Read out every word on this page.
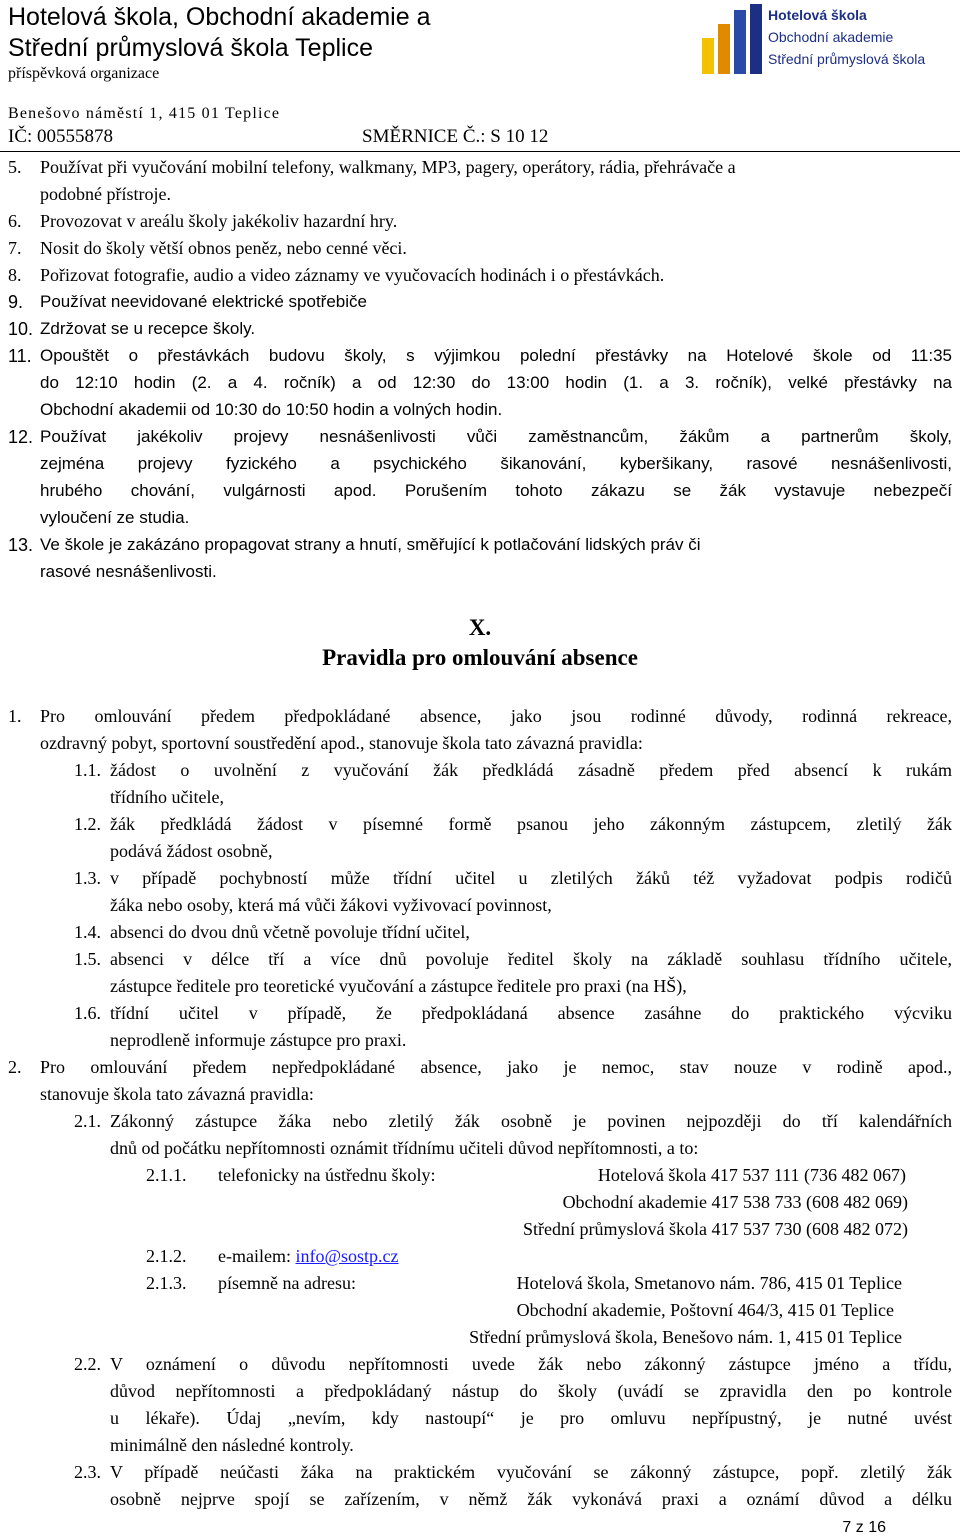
Hotelová škola, Obchodní akademie a
Střední průmyslová škola Teplice
příspěvková organizace
Benešovo náměstí 1, 415 01 Teplice
IČ: 00555878	SMĚRNICE Č.: S 10 12
Hotelová škola
Obchodní akademie
Střední průmyslová škola
5. Používat při vyučování mobilní telefony, walkmany, MP3, pagery, operátory, rádia, přehrávače a
podobné přístroje.
6. Provozovat v areálu školy jakékoliv hazardní hry.
7. Nosit do školy větší obnos peněz, nebo cenné věci.
8. Pořizovat fotografie, audio a video záznamy ve vyučovacích hodinách i o přestávkách.
9. Používat neevidované elektrické spotřebiče
10. Zdržovat se u recepce školy.
11. Opouštět o přestávkách budovu školy, s výjimkou polední přestávky na Hotelové škole od 11:35
do 12:10 hodin (2. a 4. ročník) a od 12:30 do 13:00 hodin (1. a 3. ročník), velké přestávky na
Obchodní akademii od 10:30 do 10:50 hodin a volných hodin.
12. Používat jakékoliv projevy nesnášenlivosti vůči zaměstnancům, žákům a partnerům školy,
zejména projevy fyzického a psychického šikanování, kyberšikany, rasové nesnášenlivosti,
hrubého chování, vulgárnosti apod. Porušením tohoto zákazu se žák vystavuje nebezpečí
vyloučení ze studia.
13. Ve škole je zakázáno propagovat strany a hnutí, směřující k potlačování lidských práv či
rasové nesnášenlivosti.
X.
Pravidla pro omlouvání absence
1. Pro omlouvání předem předpokládané absence, jako jsou rodinné důvody, rodinná rekreace,
ozdravný pobyt, sportovní soustředění apod., stanovuje škola tato závazná pravidla:
1.1. žádost o uvolnění z vyučování žák předkládá zásadně předem před absencí k rukám
třídního učitele,
1.2. žák předkládá žádost v písemné formě psanou jeho zákonným zástupcem, zletilý žák
podává žádost osobně,
1.3. v případě pochybností může třídní učitel u zletilých žáků též vyžadovat podpis rodičů
žáka nebo osoby, která má vůči žákovi vyživovací povinnost,
1.4. absenci do dvou dnů včetně povoluje třídní učitel,
1.5. absenci v délce tří a více dnů povoluje ředitel školy na základě souhlasu třídního učitele,
zástupce ředitele pro teoretické vyučování a zástupce ředitele pro praxi (na HŠ),
1.6. třídní učitel v případě, že předpokládaná absence zasáhne do praktického výcviku
neprodleně informuje zástupce pro praxi.
2. Pro omlouvání předem nepředpokládané absence, jako je nemoc, stav nouze v rodině apod.,
stanovuje škola tato závazná pravidla:
2.1. Zákonný zástupce žáka nebo zletilý žák osobně je povinen nejpozději do tří kalendářních
dnů od počátku nepřítomnosti oznámit třídnímu učiteli důvod nepřítomnosti, a to:
2.1.1. telefonicky na ústřednu školy:	Hotelová škola 417 537 111 (736 482 067)
Obchodní akademie 417 538 733 (608 482 069)
Střední průmyslová škola 417 537 730 (608 482 072)
2.1.2. e-mailem: info@sostp.cz
2.1.3. písemně na adresu:	Hotelová škola, Smetanovo nám. 786, 415 01 Teplice
Obchodní akademie, Poštovní 464/3, 415 01 Teplice
Střední průmyslová škola, Benešovo nám. 1, 415 01 Teplice
2.2. V oznámení o důvodu nepřítomnosti uvede žák nebo zákonný zástupce jméno a třídu,
důvod nepřítomnosti a předpokládaný nástup do školy (uvádí se zpravidla den po kontrole
u lékaře). Údaj „nevím, kdy nastoupí“ je pro omluvu nepřípustný, je nutné uvést
minimálně den následné kontroly.
2.3. V případě neúčasti žáka na praktickém vyučování se zákonný zástupce, popř. zletilý žák
osobně nejprve spojí se zařízením, v němž žák vykonává praxi a oznámí důvod a délku
7 z 16
